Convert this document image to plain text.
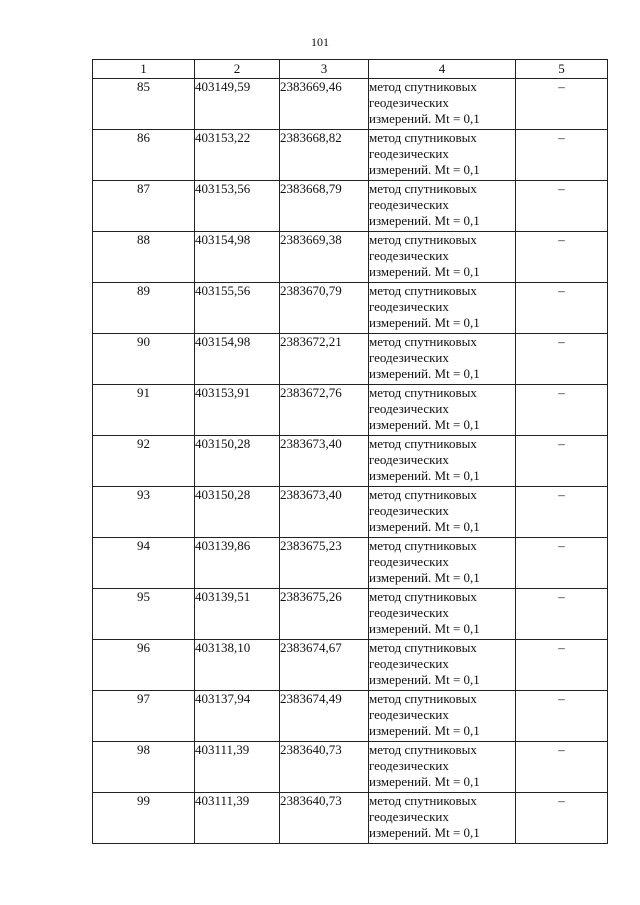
101
1	2	3	4	5
85	403149,59	2383669,46	метод спутниковых
геодезических
измерений. Mt = 0,1	–
86	403153,22	2383668,82	метод спутниковых
геодезических
измерений. Mt = 0,1	–
87	403153,56	2383668,79	метод спутниковых
геодезических
измерений. Mt = 0,1	–
88	403154,98	2383669,38	метод спутниковых
геодезических
измерений. Mt = 0,1	–
89	403155,56	2383670,79	метод спутниковых
геодезических
измерений. Mt = 0,1	–
90	403154,98	2383672,21	метод спутниковых
геодезических
измерений. Mt = 0,1	–
91	403153,91	2383672,76	метод спутниковых
геодезических
измерений. Mt = 0,1	–
92	403150,28	2383673,40	метод спутниковых
геодезических
измерений. Mt = 0,1	–
93	403150,28	2383673,40	метод спутниковых
геодезических
измерений. Mt = 0,1	–
94	403139,86	2383675,23	метод спутниковых
геодезических
измерений. Mt = 0,1	–
95	403139,51	2383675,26	метод спутниковых
геодезических
измерений. Mt = 0,1	–
96	403138,10	2383674,67	метод спутниковых
геодезических
измерений. Mt = 0,1	–
97	403137,94	2383674,49	метод спутниковых
геодезических
измерений. Mt = 0,1	–
98	403111,39	2383640,73	метод спутниковых
геодезических
измерений. Mt = 0,1	–
99	403111,39	2383640,73	метод спутниковых
геодезических
измерений. Mt = 0,1	–
